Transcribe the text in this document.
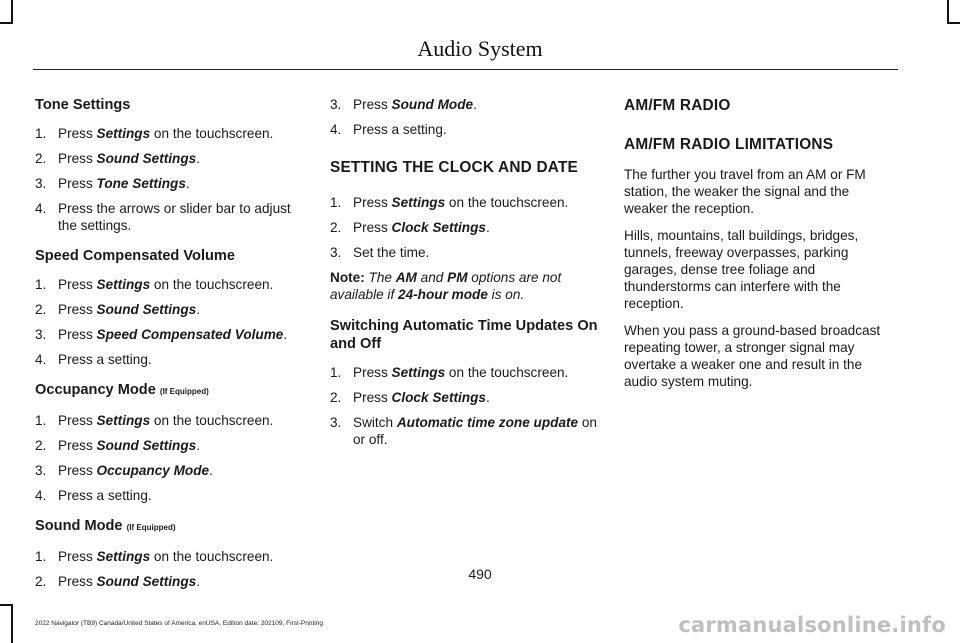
Audio System
Tone Settings
1. Press Settings on the touchscreen.
2. Press Sound Settings.
3. Press Tone Settings.
4. Press the arrows or slider bar to adjust the settings.
Speed Compensated Volume
1. Press Settings on the touchscreen.
2. Press Sound Settings.
3. Press Speed Compensated Volume.
4. Press a setting.
Occupancy Mode (If Equipped)
1. Press Settings on the touchscreen.
2. Press Sound Settings.
3. Press Occupancy Mode.
4. Press a setting.
Sound Mode (If Equipped)
1. Press Settings on the touchscreen.
2. Press Sound Settings.
3. Press Sound Mode.
4. Press a setting.
SETTING THE CLOCK AND DATE
1. Press Settings on the touchscreen.
2. Press Clock Settings.
3. Set the time.

Note: The AM and PM options are not available if 24-hour mode is on.

Switching Automatic Time Updates On and Off
1. Press Settings on the touchscreen.
2. Press Clock Settings.
3. Switch Automatic time zone update on or off.
AM/FM RADIO
AM/FM RADIO LIMITATIONS

The further you travel from an AM or FM station, the weaker the signal and the weaker the reception.

Hills, mountains, tall buildings, bridges, tunnels, freeway overpasses, parking garages, dense tree foliage and thunderstorms can interfere with the reception.

When you pass a ground-based broadcast repeating tower, a stronger signal may overtake a weaker one and result in the audio system muting.

490
2022 Navigator (TB9) Canada/United States of America, enUSA, Edition date: 202109, First-Printing	carmanualsonline.info
